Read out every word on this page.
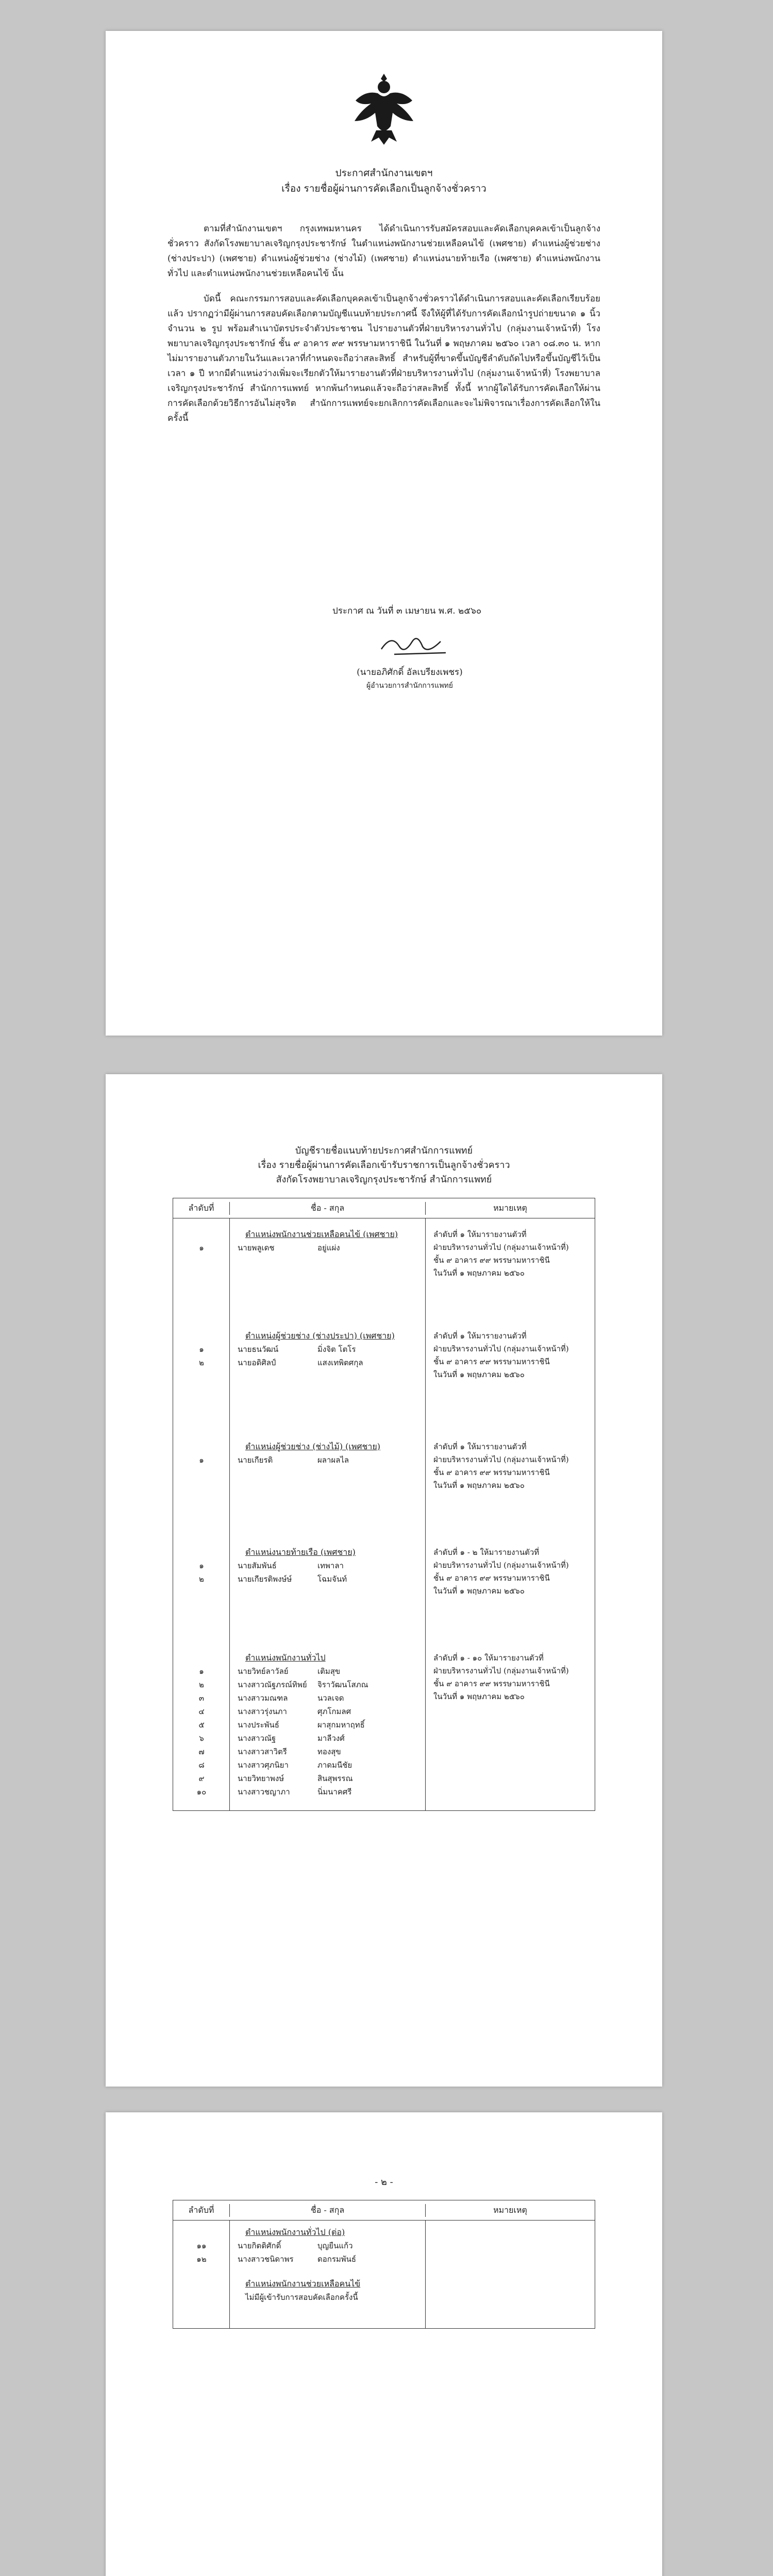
ประกาศสำนักงานเขตฯ
เรื่อง รายชื่อผู้ผ่านการคัดเลือกเป็นลูกจ้างชั่วคราว

ตามที่สำนักงานเขตฯ กรุงเทพมหานคร ได้ดำเนินการรับสมัครสอบและคัดเลือกบุคคลเข้าเป็นลูกจ้างชั่วคราว สังกัดโรงพยาบาลเจริญกรุงประชารักษ์ ในตำแหน่งพนักงานช่วยเหลือคนไข้ (เพศชาย) ตำแหน่งผู้ช่วยช่าง (ช่างประปา) (เพศชาย) ตำแหน่งผู้ช่วยช่าง (ช่างไม้) (เพศชาย) ตำแหน่งนายท้ายเรือ (เพศชาย) ตำแหน่งพนักงานทั่วไป และตำแหน่งพนักงานช่วยเหลือคนไข้ นั้น

บัดนี้ คณะกรรมการสอบและคัดเลือกบุคคลเข้าเป็นลูกจ้างชั่วคราวได้ดำเนินการสอบและคัดเลือกเรียบร้อยแล้ว ปรากฏว่ามีผู้ผ่านการสอบคัดเลือกตามบัญชีแนบท้ายประกาศนี้ จึงให้ผู้ที่ได้รับการคัดเลือกนำรูปถ่ายขนาด ๑ นิ้ว จำนวน ๒ รูป พร้อมสำเนาบัตรประจำตัวประชาชน ไปรายงานตัวที่ฝ่ายบริหารงานทั่วไป (กลุ่มงานเจ้าหน้าที่) โรงพยาบาลเจริญกรุงประชารักษ์ ชั้น ๙ อาคาร ๙๙ พรรษามหาราชินี ในวันที่ ๑ พฤษภาคม ๒๕๖๐ เวลา ๐๘.๓๐ น. หากไม่มารายงานตัวภายในวันและเวลาที่กำหนดจะถือว่าสละสิทธิ์ สำหรับผู้ที่ขาดขึ้นบัญชีลำดับถัดไปหรือขึ้นบัญชีไว้เป็นเวลา ๑ ปี หากมีตำแหน่งว่างเพิ่มจะเรียกตัวให้มารายงานตัวที่ฝ่ายบริหารงานทั่วไป (กลุ่มงานเจ้าหน้าที่) โรงพยาบาลเจริญกรุงประชารักษ์ สำนักการแพทย์ หากพ้นกำหนดแล้วจะถือว่าสละสิทธิ์ ทั้งนี้ หากผู้ใดได้รับการคัดเลือกให้ผ่านการคัดเลือกด้วยวิธีการอันไม่สุจริต สำนักการแพทย์จะยกเลิกการคัดเลือกและจะไม่พิจารณาเรื่องการคัดเลือกให้ในครั้งนี้

ประกาศ ณ วันที่ ๓ เมษายน พ.ศ. ๒๕๖๐
(นายอภิศักดิ์ อัลเบรียงเพชร)
ผู้อำนวยการสำนักการแพทย์
บัญชีรายชื่อแนบท้ายประกาศสำนักการแพทย์
เรื่อง รายชื่อผู้ผ่านการคัดเลือกเข้ารับราชการเป็นลูกจ้างชั่วคราว
สังกัดโรงพยาบาลเจริญกรุงประชารักษ์ สำนักการแพทย์
ลำดับที่	ชื่อ - สกุล	หมายเหตุ
ตำแหน่งพนักงานช่วยเหลือคนไข้ (เพศชาย)
๑	นายพลูเดช	อยู่แผ่ง
ลำดับที่ ๑ ให้มารายงานตัวที่
ฝ่ายบริหารงานทั่วไป (กลุ่มงานเจ้าหน้าที่)
ชั้น ๙ อาคาร ๙๙ พรรษามหาราชินี
ในวันที่ ๑ พฤษภาคม ๒๕๖๐
ตำแหน่งผู้ช่วยช่าง (ช่างประปา) (เพศชาย)
๑	นายธนวัฒน์	มิ่งจิต โตโร
๒	นายอดิศิลป์	แสงเทพิตศกุล
ลำดับที่ ๑ ให้มารายงานตัวที่
ฝ่ายบริหารงานทั่วไป (กลุ่มงานเจ้าหน้าที่)
ชั้น ๙ อาคาร ๙๙ พรรษามหาราชินี
ในวันที่ ๑ พฤษภาคม ๒๕๖๐
ตำแหน่งผู้ช่วยช่าง (ช่างไม้) (เพศชาย)
๑	นายเกียรติ	ผลาผลไล
ลำดับที่ ๑ ให้มารายงานตัวที่
ฝ่ายบริหารงานทั่วไป (กลุ่มงานเจ้าหน้าที่)
ชั้น ๙ อาคาร ๙๙ พรรษามหาราชินี
ในวันที่ ๑ พฤษภาคม ๒๕๖๐
ตำแหน่งนายท้ายเรือ (เพศชาย)
๑	นายสัมพันธ์	เทพาลา
๒	นายเกียรติพงษ์ษ์	โฉมจันท์
ลำดับที่ ๑ - ๒ ให้มารายงานตัวที่
ฝ่ายบริหารงานทั่วไป (กลุ่มงานเจ้าหน้าที่)
ชั้น ๙ อาคาร ๙๙ พรรษามหาราชินี
ในวันที่ ๑ พฤษภาคม ๒๕๖๐
ตำแหน่งพนักงานทั่วไป
๑	นายวิทย์ลาวัลย์	เติมสุข
๒	นางสาวณัฐภรณ์ทิพย์ จิราวัฒนโสภณ
๓	นางสาวมณฑล	นวลเจด
๔	นางสาวรุ่งนภา	ศุภโกมลศ
๕	นางประพันธ์	ผาสุกมหาฤทธิ์
๖	นางสาวณัฐ	มาลีวงศ์
๗	นางสาวสาวิตรี	ทองสุข
๘	นางสาวศุภนิยา	ภาดมนีชัย
๙	นายวิทยาพงษ์	สินสุพรรณ
๑๐	นางสาวชญาภา	นิ่มนาคศรี
ลำดับที่ ๑ - ๑๐ ให้มารายงานตัวที่
ฝ่ายบริหารงานทั่วไป (กลุ่มงานเจ้าหน้าที่)
ชั้น ๙ อาคาร ๙๙ พรรษามหาราชินี
ในวันที่ ๑ พฤษภาคม ๒๕๖๐
- ๒ -
ลำดับที่	ชื่อ - สกุล	หมายเหตุ
ตำแหน่งพนักงานทั่วไป (ต่อ)
๑๑	นายกิตติศักดิ์	บุญยืนแก้ว
๑๒	นางสาวชนิดาพร	ดอกรมพันธ์
ตำแหน่งพนักงานช่วยเหลือคนไข้
ไม่มีผู้เข้ารับการสอบคัดเลือกครั้งนี้
